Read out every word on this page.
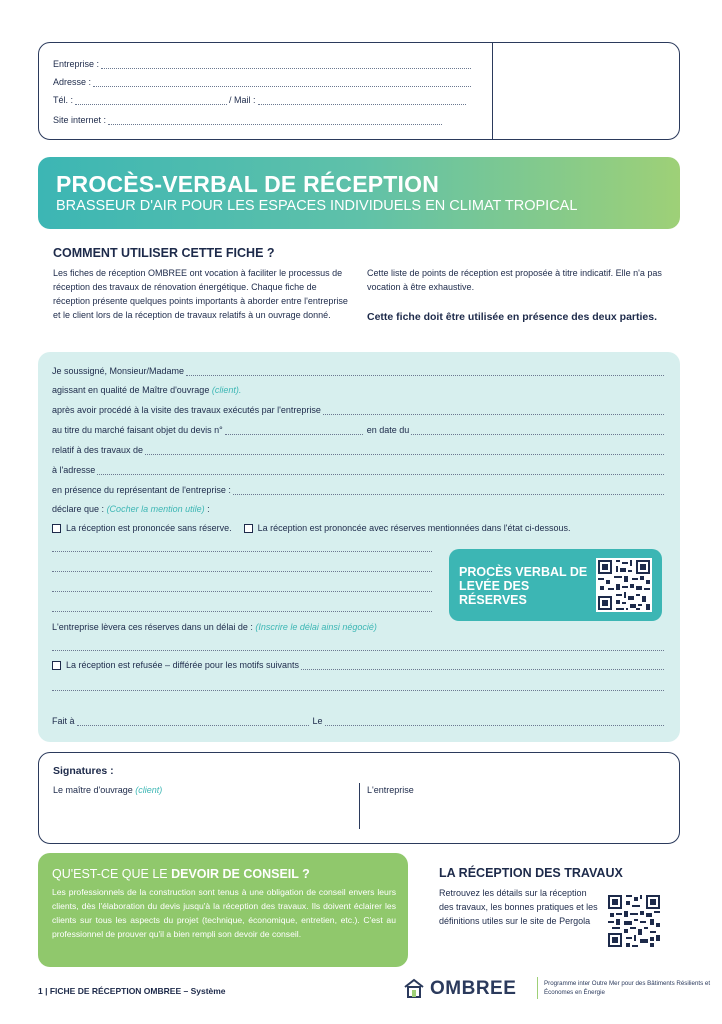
Entreprise :
Adresse :
Tél. :	/ Mail :
Site internet :
PROCÈS-VERBAL DE RÉCEPTION
BRASSEUR D'AIR POUR LES ESPACES INDIVIDUELS EN CLIMAT TROPICAL
COMMENT UTILISER CETTE FICHE ?
Les fiches de réception OMBREE ont vocation à faciliter le processus de réception des travaux de rénovation énergétique. Chaque fiche de réception présente quelques points importants à aborder entre l'entreprise et le client lors de la réception de travaux relatifs à un ouvrage donné.
Cette liste de points de réception est proposée à titre indicatif. Elle n'a pas vocation à être exhaustive.
Cette fiche doit être utilisée en présence des deux parties.
Je soussigné, Monsieur/Madame
agissant en qualité de Maître d'ouvrage
(client).
après avoir procédé à la visite des travaux exécutés par l'entreprise
au titre du marché faisant objet du devis n°	en date du
relatif à des travaux de
à l'adresse
en présence du représentant de l'entreprise :
déclare que :
(Cocher la mention utile)
:
La réception est prononcée sans réserve.	La réception est prononcée avec réserves mentionnées dans l'état ci-dessous.
L'entreprise lèvera ces réserves dans un délai de :
(Inscrire le délai ainsi négocié)
La réception est refusée – différée pour les motifs suivants
Fait à	Le
PROCÈS VERBAL DE LEVÉE DES RÉSERVES
Signatures :
Le maître d'ouvrage (client)	L'entreprise
QU'EST-CE QUE LE DEVOIR DE CONSEIL ?
Les professionnels de la construction sont tenus à une obligation de conseil envers leurs clients, dès l'élaboration du devis jusqu'à la réception des travaux. Ils doivent éclairer les clients sur tous les aspects du projet (technique, économique, entretien, etc.). C'est au professionnel de prouver qu'il a bien rempli son devoir de conseil.
LA RÉCEPTION DES TRAVAUX
Retrouvez les détails sur la réception des travaux, les bonnes pratiques et les définitions utiles sur le site de Pergola
1 | FICHE DE RÉCEPTION OMBREE – Système	OMBREE	Programme inter Outre Mer pour des Bâtiments Résilients et Économes en Énergie
